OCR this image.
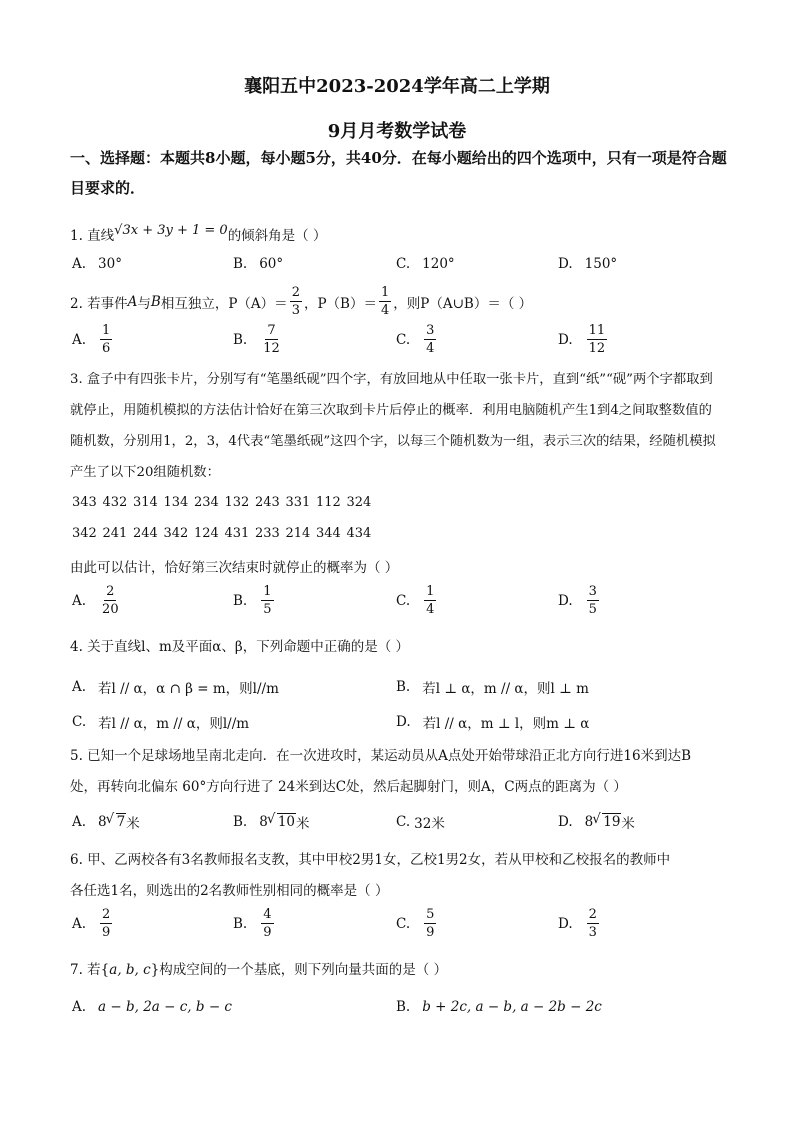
襄阳五中2023-2024学年高二上学期
9月月考数学试卷
一、选择题：本题共8小题，每小题5分，共40分．在每小题给出的四个选项中，只有一项是符合题目要求的．
1. 直线√3x + 3y + 1 = 0的倾斜角是（ ）
A. 30°	B. 60°	C. 120°	D. 150°
2. 若事件 A 与 B 相互独立，$P(A)= \frac{2}{3}$ ，$P(B)= \frac{1}{4}$ ，则P（A∪B）＝（ ）
A. $\frac{1}{6}$	B. $\frac{7}{12}$	C. $\frac{3}{4}$	D. $\frac{11}{12}$
3. 盒子中有四张卡片，分别写有“笔墨纸砚”四个字，有放回地从中任取一张卡片，直到“纸”“砚”两个字都取到就停止，用随机模拟的方法估计恰好在第三次取到卡片后停止的概率．利用电脑随机产生1到4之间取整数值的随机数，分别用1，2，3，4代表“笔墨纸砚”这四个字，以每三个随机数为一组，表示三次的结果，经随机模拟产生了以下20组随机数：
343 432 314 134 234 132 243 331 112 324
342 241 244 342 124 431 233 214 344 434
由此可以估计，恰好第三次结束时就停止的概率为（ ）
A. $\frac{2}{20}$	B. $\frac{1}{5}$	C. $\frac{1}{4}$	D. $\frac{3}{5}$
4. 关于直线l、m及平面α、β，下列命题中正确的是（ ）
A. 若l // α，α ∩ β = m，则l//m	B. 若l ⊥ α，m // α，则l ⊥ m
C. 若l // α，m // α，则l//m	D. 若l // α，m ⊥ l，则m ⊥ α
5. 已知一个足球场地呈南北走向．在一次进攻时，某运动员从A点处开始带球沿正北方向行进16米到达B
处，再转向北偏东 60°方向行进了 24米到达C处，然后起脚射门，则A，C两点的距离为（ ）
A. 8 √ 7 米	B. 8 √ 10 米	C. 32米	D. 8 √ 19 米
6. 甲、乙两校各有3名教师报名支教，其中甲校2男1女，乙校1男2女，若从甲校和乙校报名的教师中
各任选1名，则选出的2名教师性别相同的概率是（ ）
A. $\frac{2}{9}$	B. $\frac{4}{9}$	C. $\frac{5}{9}$	D. $\frac{2}{3}$
7. 若{a, b, c}构成空间的一个基底，则下列向量共面的是（ ）
A. a − b, 2a − c, b − c	B. b + 2c, a − b, a − 2b − 2c
